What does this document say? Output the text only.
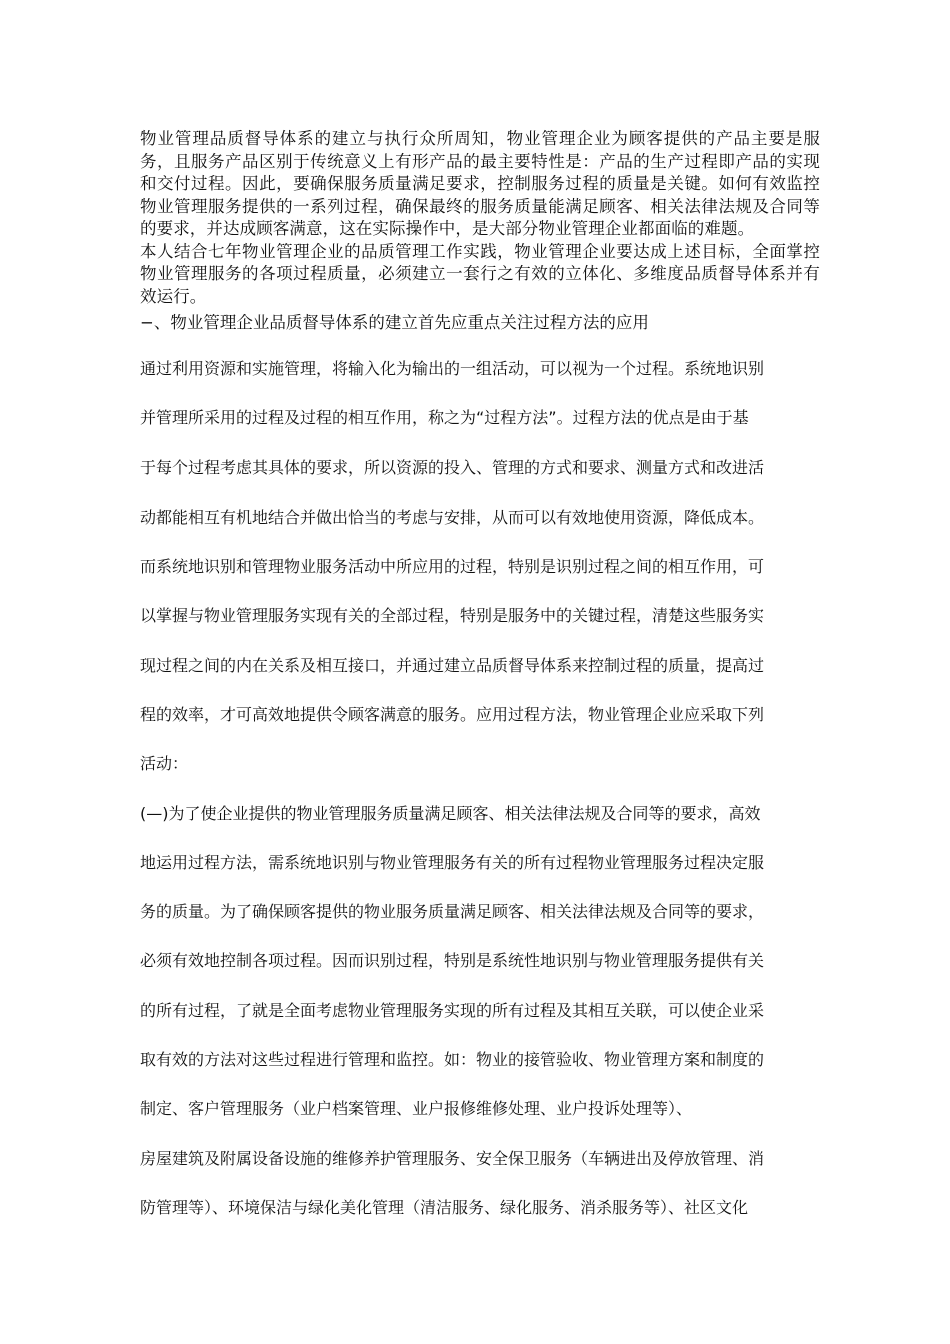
物业管理品质督导体系的建立与执行众所周知，物业管理企业为顾客提供的产品主要是服务，且服务产品区别于传统意义上有形产品的最主要特性是：产品的生产过程即产品的实现和交付过程。因此，要确保服务质量满足要求，控制服务过程的质量是关键。如何有效监控物业管理服务提供的一系列过程，确保最终的服务质量能满足顾客、相关法律法规及合同等的要求，并达成顾客满意，这在实际操作中，是大部分物业管理企业都面临的难题。

本人结合七年物业管理企业的品质管理工作实践，物业管理企业要达成上述目标，全面掌控物业管理服务的各项过程质量，必须建立一套行之有效的立体化、多维度品质督导体系并有效运行。

−、物业管理企业品质督导体系的建立首先应重点关注过程方法的应用

通过利用资源和实施管理，将输入化为输出的一组活动，可以视为一个过程。系统地识别

并管理所采用的过程及过程的相互作用，称之为“过程方法”。过程方法的优点是由于基

于每个过程考虑其具体的要求，所以资源的投入、管理的方式和要求、测量方式和改进活

动都能相互有机地结合并做出恰当的考虑与安排，从而可以有效地使用资源，降低成本。

而系统地识别和管理物业服务活动中所应用的过程，特别是识别过程之间的相互作用，可

以掌握与物业管理服务实现有关的全部过程，特别是服务中的关键过程，清楚这些服务实

现过程之间的内在关系及相互接口，并通过建立品质督导体系来控制过程的质量，提高过

程的效率，才可高效地提供令顾客满意的服务。应用过程方法，物业管理企业应采取下列

活动：

(—)为了使企业提供的物业管理服务质量满足顾客、相关法律法规及合同等的要求，高效

地运用过程方法，需系统地识别与物业管理服务有关的所有过程物业管理服务过程决定服

务的质量。为了确保顾客提供的物业服务质量满足顾客、相关法律法规及合同等的要求，

必须有效地控制各项过程。因而识别过程，特别是系统性地识别与物业管理服务提供有关

的所有过程，了就是全面考虑物业管理服务实现的所有过程及其相互关联，可以使企业采

取有效的方法对这些过程进行管理和监控。如：物业的接管验收、物业管理方案和制度的

制定、客户管理服务（业户档案管理、业户报修维修处理、业户投诉处理等）、

房屋建筑及附属设备设施的维修养护管理服务、安全保卫服务（车辆进出及停放管理、消

防管理等）、环境保洁与绿化美化管理（清洁服务、绿化服务、消杀服务等）、社区文化
